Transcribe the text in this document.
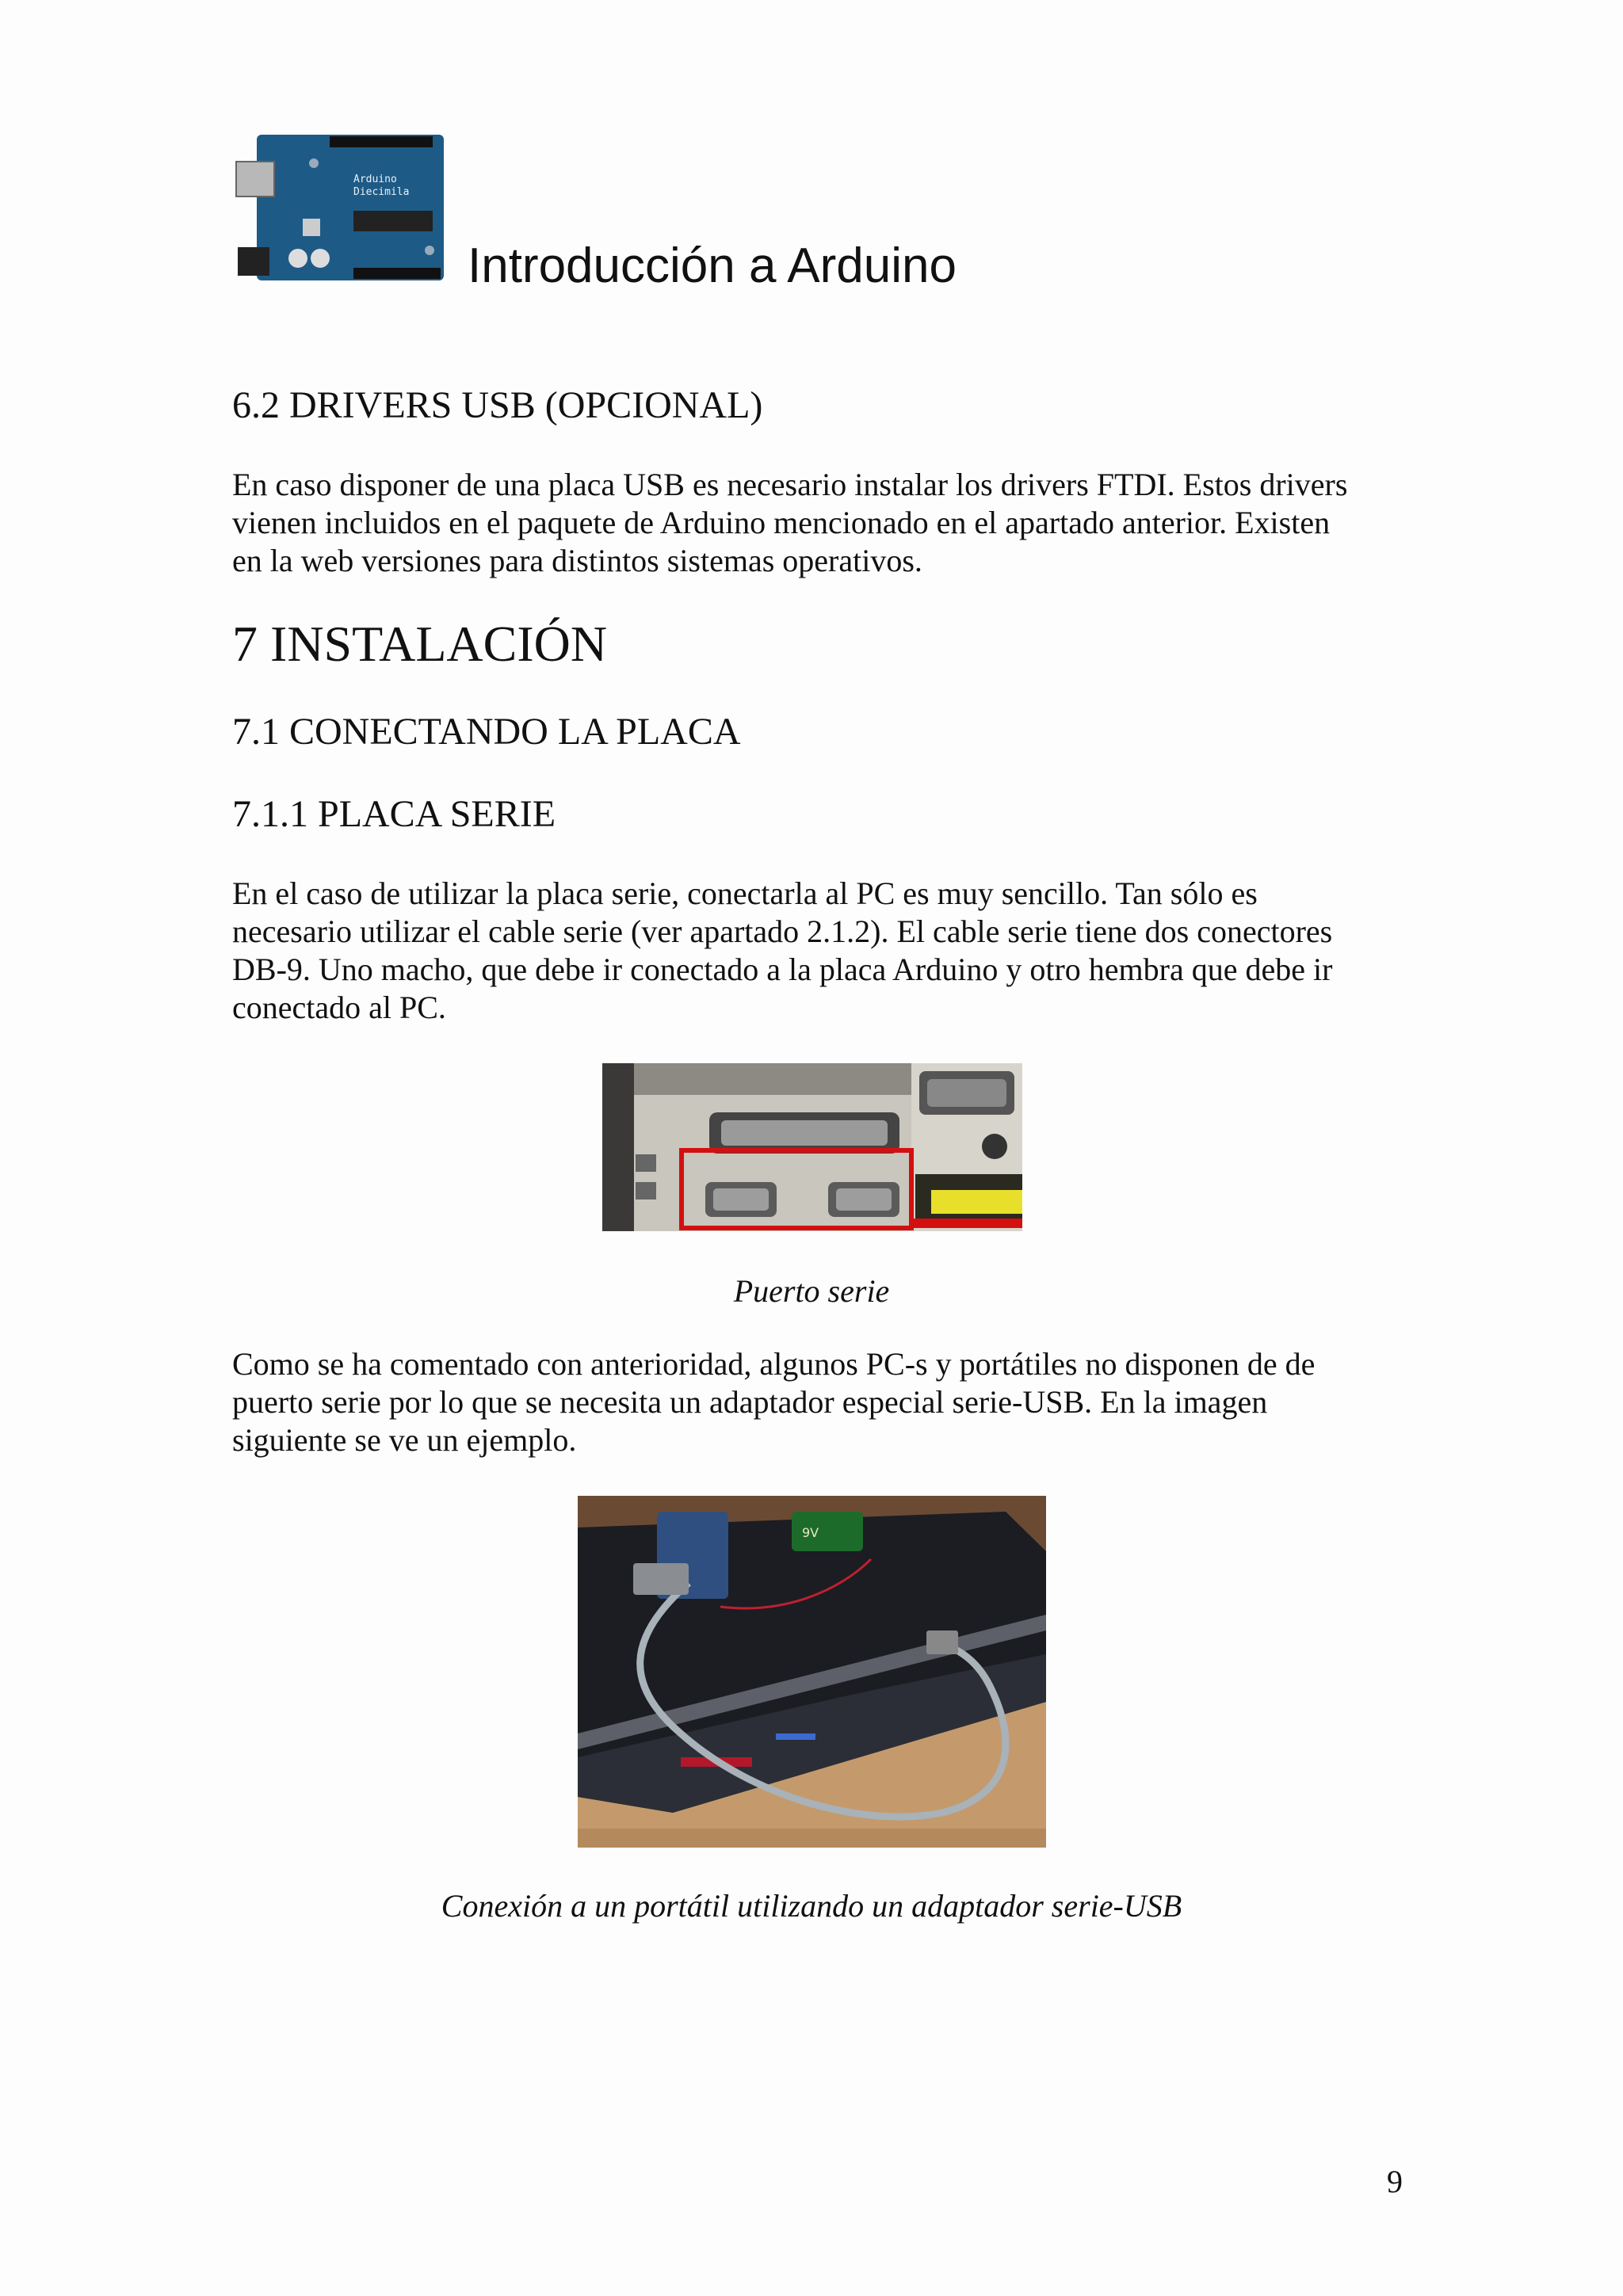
Arduino
Diecimila
Introducción a Arduino
6.2 DRIVERS USB (OPCIONAL)
En caso disponer de una placa USB es necesario instalar los drivers FTDI. Estos drivers
vienen incluidos en el paquete de Arduino mencionado en el apartado anterior. Existen
en la web versiones para distintos sistemas operativos.
7 INSTALACIÓN
7.1 CONECTANDO LA PLACA
7.1.1 PLACA SERIE
En el caso de utilizar la placa serie, conectarla al PC es muy sencillo. Tan sólo es
necesario utilizar el cable serie (ver apartado 2.1.2). El cable serie tiene dos conectores
DB-9. Uno macho, que debe ir conectado a la placa Arduino y otro hembra que debe ir
conectado al PC.
Puerto serie
Como se ha comentado con anterioridad, algunos PC-s y portátiles no disponen de de
puerto serie por lo que se necesita un adaptador especial serie-USB. En la imagen
siguiente se ve un ejemplo.
9V
Conexión a un portátil utilizando un adaptador serie-USB
9
